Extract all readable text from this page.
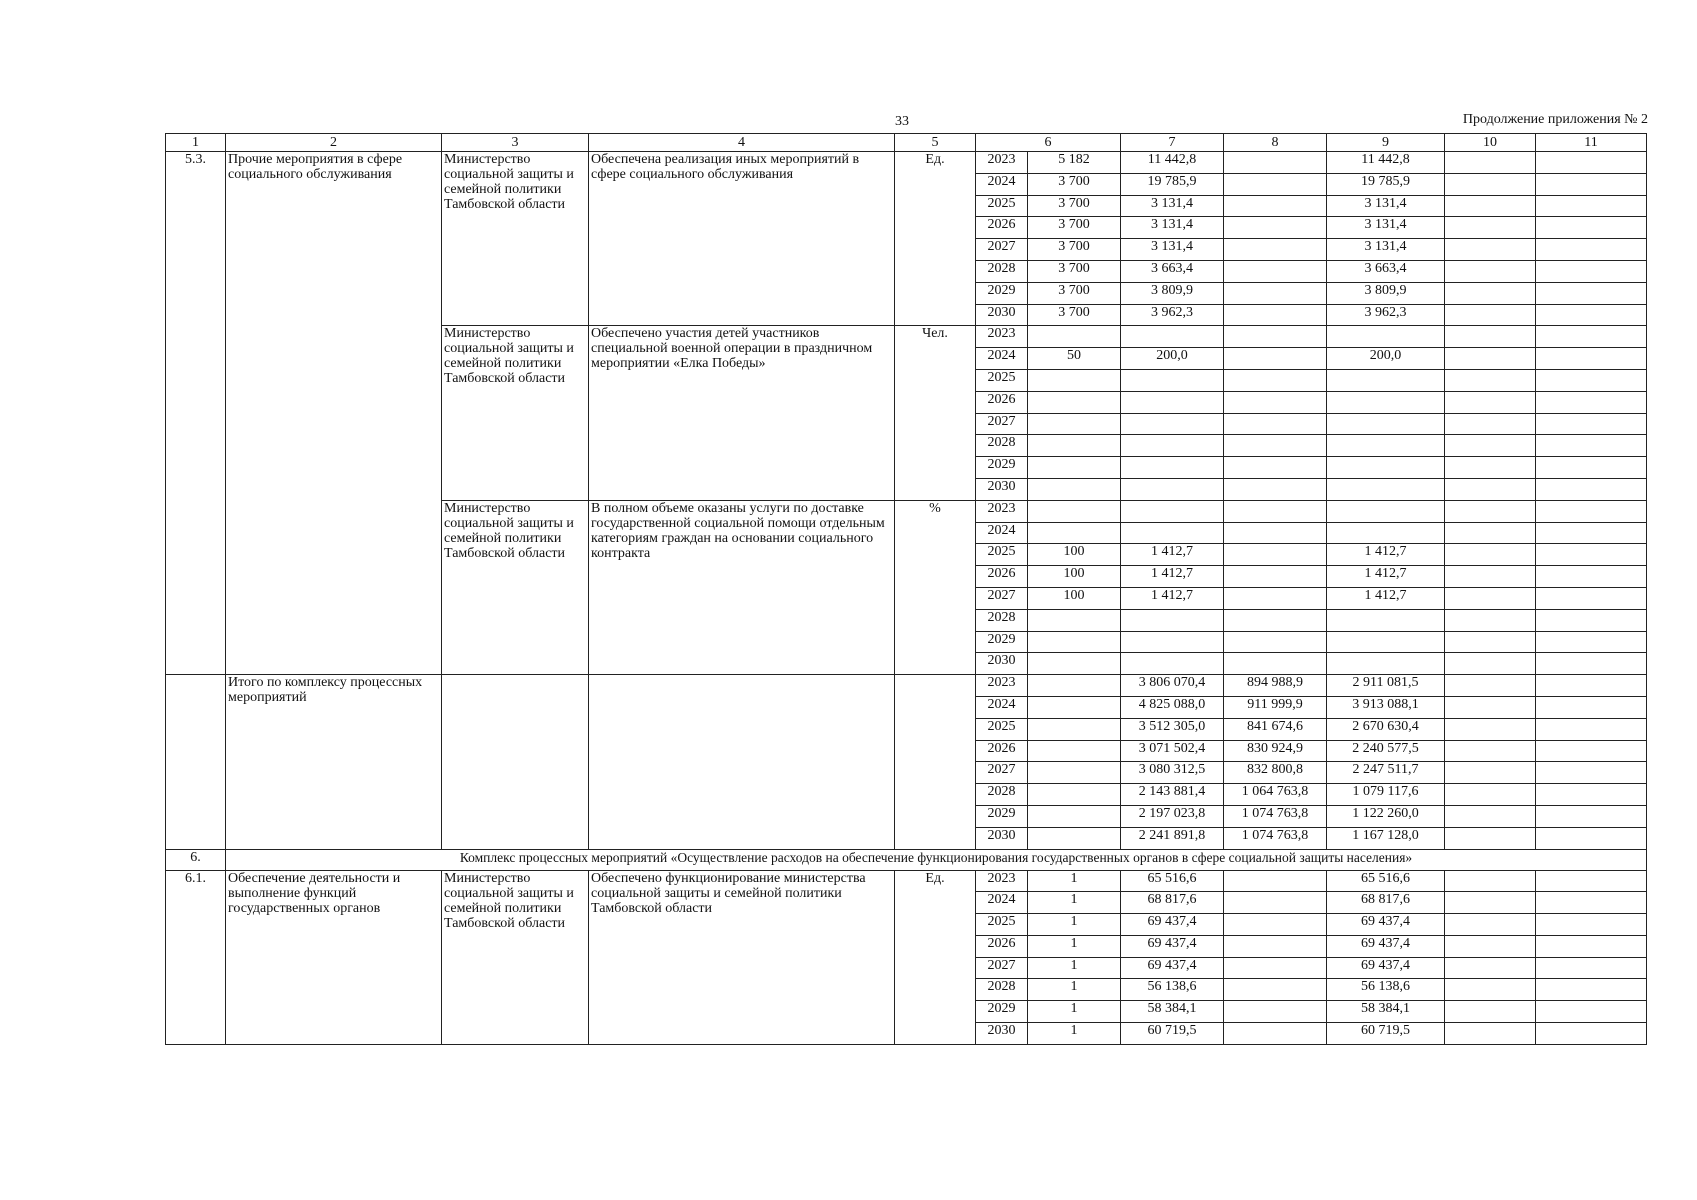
33	Продолжение приложения № 2
1	2	3	4	5	6		7	8	9	10	11
5.3.	Прочие мероприятия в сфере социального обслуживания	Министерство социальной защиты и семейной политики Тамбовской области	Обеспечена реализация иных мероприятий в сфере социального обслуживания	Ед.	2023	5 182	11 442,8		11 442,8		
					2024	3 700	19 785,9		19 785,9		
					2025	3 700	3 131,4		3 131,4		
					2026	3 700	3 131,4		3 131,4		
					2027	3 700	3 131,4		3 131,4		
					2028	3 700	3 663,4		3 663,4		
					2029	3 700	3 809,9		3 809,9		
					2030	3 700	3 962,3		3 962,3		
		Министерство социальной защиты и семейной политики Тамбовской области	Обеспечено участия детей участников специальной военной операции в праздничном мероприятии «Елка Победы»	Чел.	2023						
					2024	50	200,0		200,0		
					2025						
					2026						
					2027						
					2028						
					2029						
					2030						
		Министерство социальной защиты и семейной политики Тамбовской области	В полном объеме оказаны услуги по доставке государственной социальной помощи отдельным категориям граждан на основании социального контракта	%	2023						
					2024						
					2025	100	1 412,7		1 412,7		
					2026	100	1 412,7		1 412,7		
					2027	100	1 412,7		1 412,7		
					2028						
					2029						
					2030						
	Итого по комплексу процессных мероприятий				2023		3 806 070,4	894 988,9	2 911 081,5		
					2024		4 825 088,0	911 999,9	3 913 088,1		
					2025		3 512 305,0	841 674,6	2 670 630,4		
					2026		3 071 502,4	830 924,9	2 240 577,5		
					2027		3 080 312,5	832 800,8	2 247 511,7		
					2028		2 143 881,4	1 064 763,8	1 079 117,6		
					2029		2 197 023,8	1 074 763,8	1 122 260,0		
					2030		2 241 891,8	1 074 763,8	1 167 128,0		
6.	Комплекс процессных мероприятий «Осуществление расходов на обеспечение функционирования государственных органов в сфере социальной защиты населения»										
6.1.	Обеспечение деятельности и выполнение функций государственных органов	Министерство социальной защиты и семейной политики Тамбовской области	Обеспечено функционирование министерства социальной защиты и семейной политики Тамбовской области	Ед.	2023	1	65 516,6		65 516,6		
					2024	1	68 817,6		68 817,6		
					2025	1	69 437,4		69 437,4		
					2026	1	69 437,4		69 437,4		
					2027	1	69 437,4		69 437,4		
					2028	1	56 138,6		56 138,6		
					2029	1	58 384,1		58 384,1		
					2030	1	60 719,5		60 719,5		
